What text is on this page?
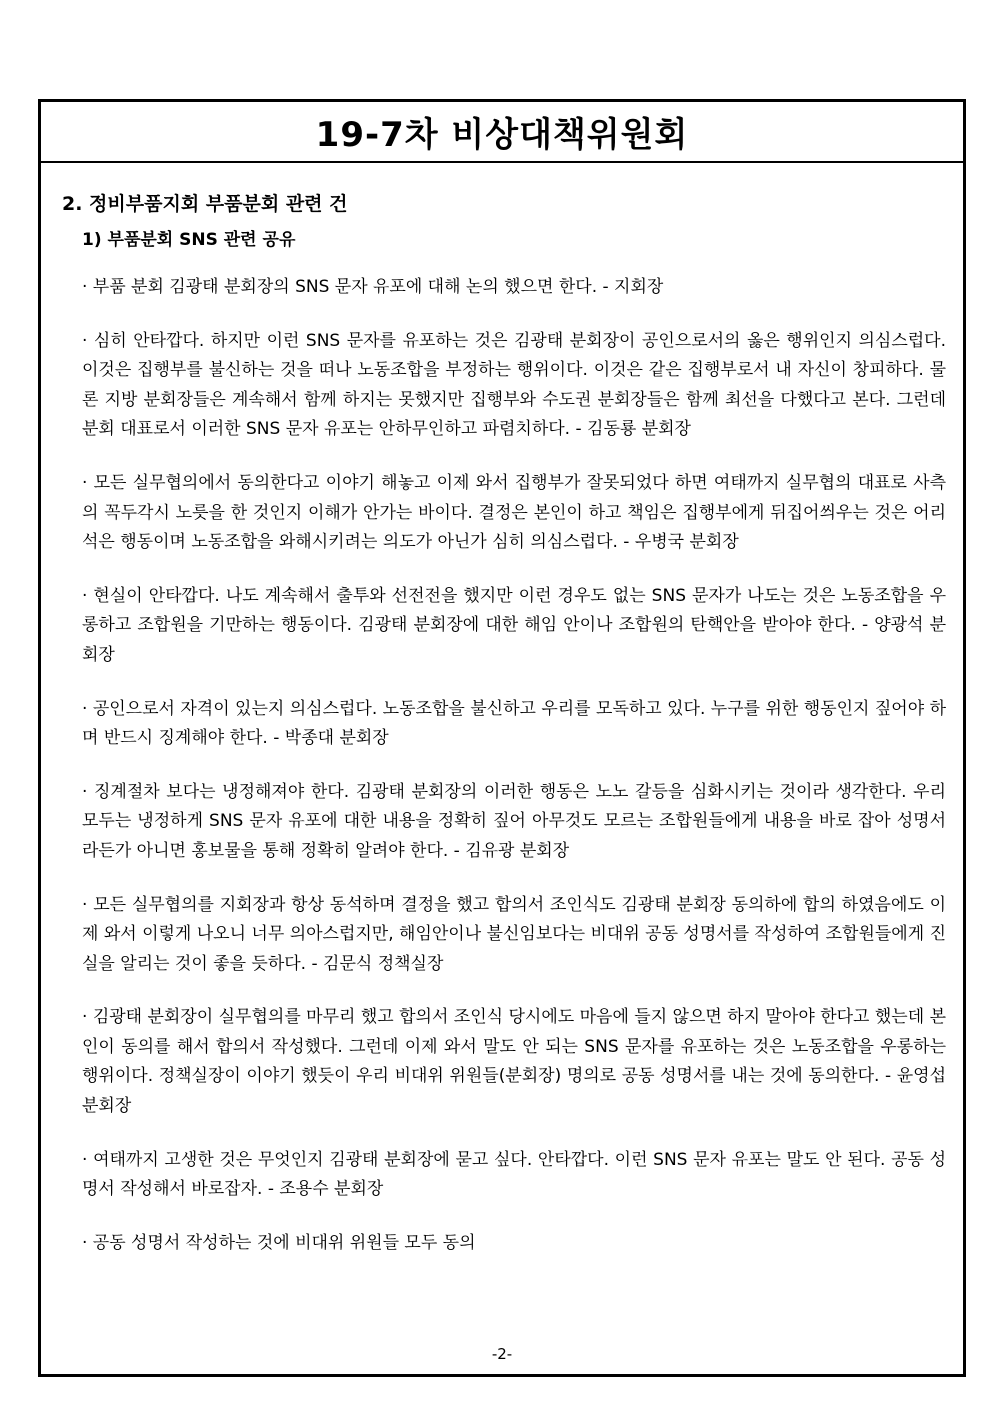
19-7차 비상대책위원회
2. 정비부품지회 부품분회 관련 건
1) 부품분회 SNS 관련 공유

· 부품 분회 김광태 분회장의 SNS 문자 유포에 대해 논의 했으면 한다. - 지회장

· 심히 안타깝다. 하지만 이런 SNS 문자를 유포하는 것은 김광태 분회장이 공인으로서의 옳은 행위인지 의심스럽다. 이것은 집행부를 불신하는 것을 떠나 노동조합을 부정하는 행위이다. 이것은 같은 집행부로서 내 자신이 창피하다. 물론 지방 분회장들은 계속해서 함께 하지는 못했지만 집행부와 수도권 분회장들은 함께 최선을 다했다고 본다. 그런데 분회 대표로서 이러한 SNS 문자 유포는 안하무인하고 파렴치하다. - 김동룡 분회장

· 모든 실무협의에서 동의한다고 이야기 해놓고 이제 와서 집행부가 잘못되었다 하면 여태까지 실무협의 대표로 사측의 꼭두각시 노릇을 한 것인지 이해가 안가는 바이다. 결정은 본인이 하고 책임은 집행부에게 뒤집어씌우는 것은 어리석은 행동이며 노동조합을 와해시키려는 의도가 아닌가 심히 의심스럽다. - 우병국 분회장

· 현실이 안타깝다. 나도 계속해서 출투와 선전전을 했지만 이런 경우도 없는 SNS 문자가 나도는 것은 노동조합을 우롱하고 조합원을 기만하는 행동이다. 김광태 분회장에 대한 해임 안이나 조합원의 탄핵안을 받아야 한다. - 양광석 분회장

· 공인으로서 자격이 있는지 의심스럽다. 노동조합을 불신하고 우리를 모독하고 있다. 누구를 위한 행동인지 짚어야 하며 반드시 징계해야 한다. - 박종대 분회장

· 징계절차 보다는 냉정해져야 한다. 김광태 분회장의 이러한 행동은 노노 갈등을 심화시키는 것이라 생각한다. 우리 모두는 냉정하게 SNS 문자 유포에 대한 내용을 정확히 짚어 아무것도 모르는 조합원들에게 내용을 바로 잡아 성명서라든가 아니면 홍보물을 통해 정확히 알려야 한다. - 김유광 분회장

· 모든 실무협의를 지회장과 항상 동석하며 결정을 했고 합의서 조인식도 김광태 분회장 동의하에 합의 하였음에도 이제 와서 이렇게 나오니 너무 의아스럽지만, 해임안이나 불신임보다는 비대위 공동 성명서를 작성하여 조합원들에게 진실을 알리는 것이 좋을 듯하다. - 김문식 정책실장

· 김광태 분회장이 실무협의를 마무리 했고 합의서 조인식 당시에도 마음에 들지 않으면 하지 말아야 한다고 했는데 본인이 동의를 해서 합의서 작성했다. 그런데 이제 와서 말도 안 되는 SNS 문자를 유포하는 것은 노동조합을 우롱하는 행위이다. 정책실장이 이야기 했듯이 우리 비대위 위원들(분회장) 명의로 공동 성명서를 내는 것에 동의한다. - 윤영섭 분회장

· 여태까지 고생한 것은 무엇인지 김광태 분회장에 묻고 싶다. 안타깝다. 이런 SNS 문자 유포는 말도 안 된다. 공동 성명서 작성해서 바로잡자. - 조용수 분회장

· 공동 성명서 작성하는 것에 비대위 위원들 모두 동의

-2-
